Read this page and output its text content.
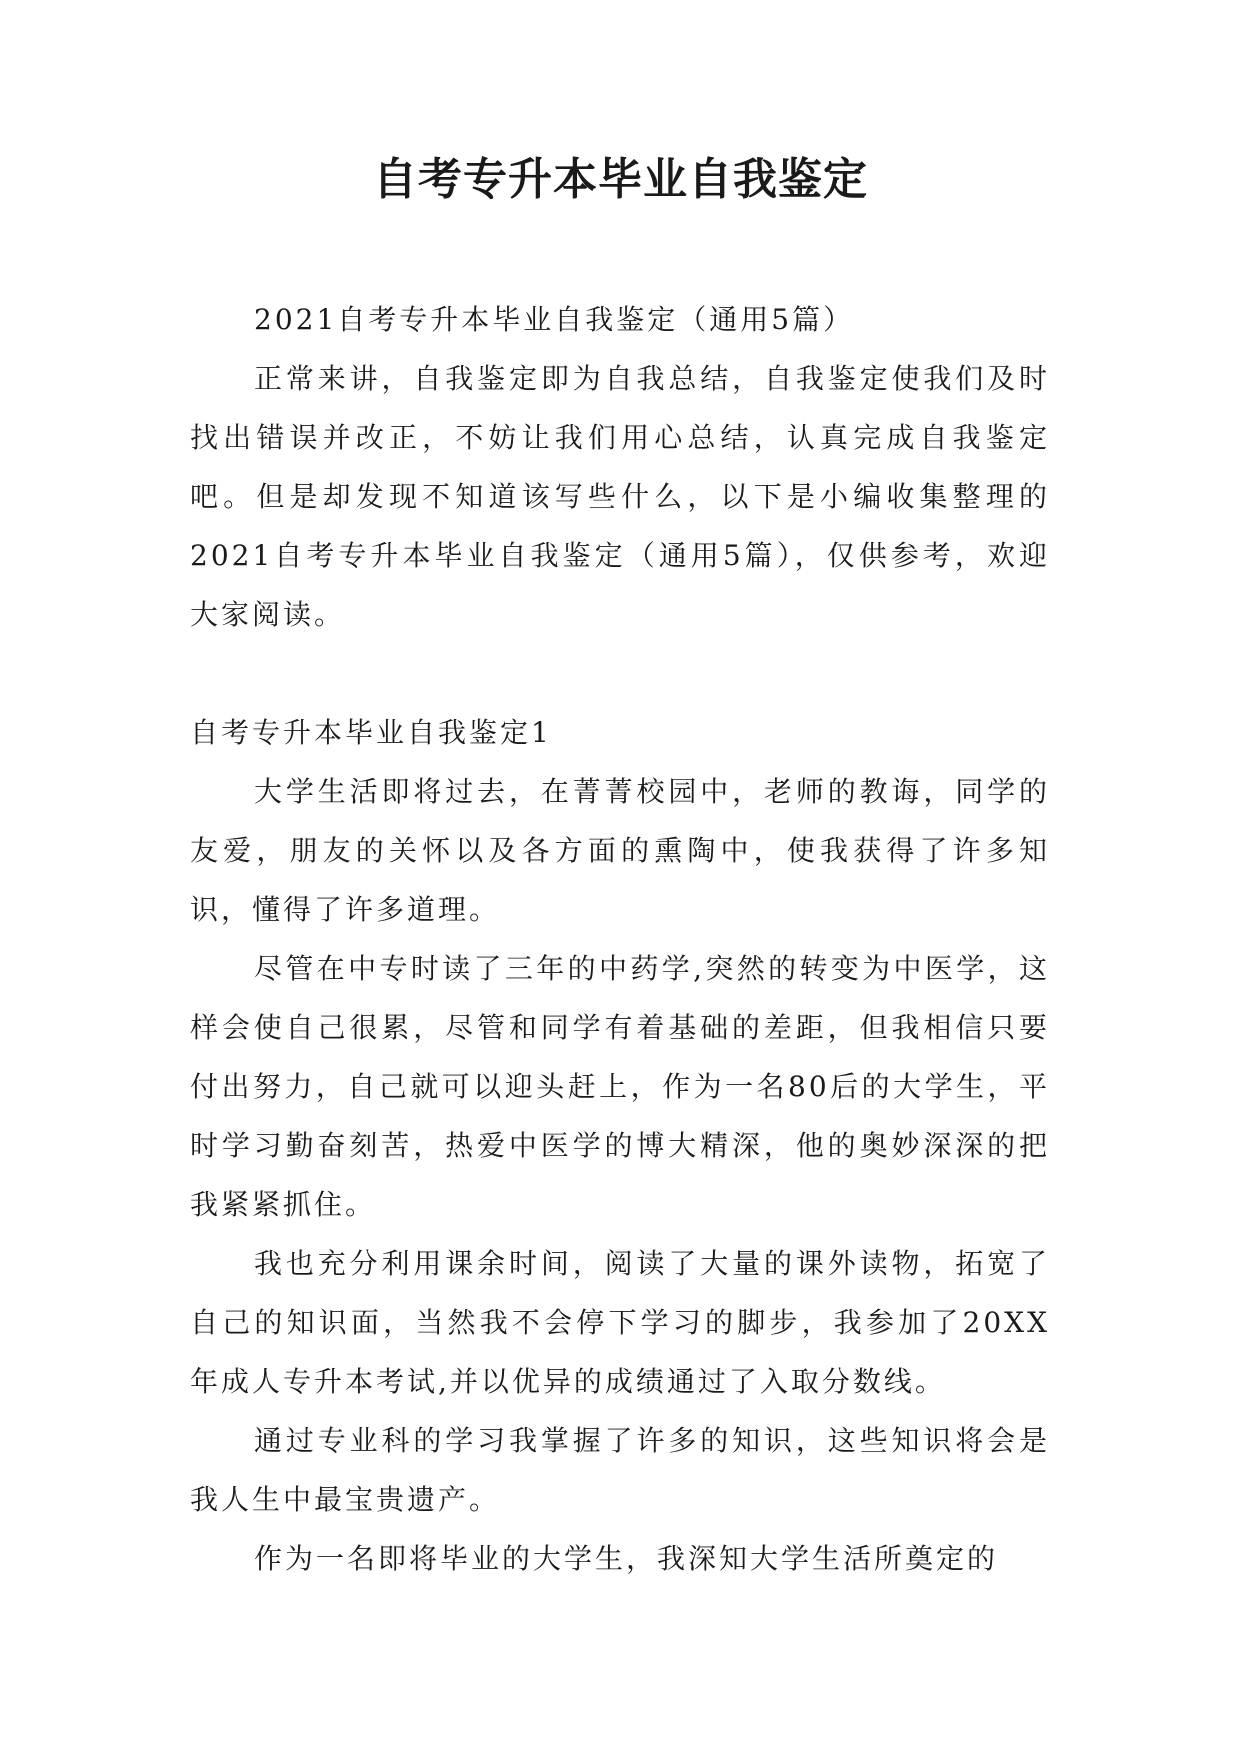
自考专升本毕业自我鉴定

2021自考专升本毕业自我鉴定（通用5篇）

正常来讲，自我鉴定即为自我总结，自我鉴定使我们及时找出错误并改正，不妨让我们用心总结，认真完成自我鉴定吧。但是却发现不知道该写些什么，以下是小编收集整理的2021自考专升本毕业自我鉴定（通用5篇），仅供参考，欢迎大家阅读。

自考专升本毕业自我鉴定1

大学生活即将过去，在菁菁校园中，老师的教诲，同学的友爱，朋友的关怀以及各方面的熏陶中，使我获得了许多知识，懂得了许多道理。

尽管在中专时读了三年的中药学,突然的转变为中医学，这样会使自己很累，尽管和同学有着基础的差距，但我相信只要付出努力，自己就可以迎头赶上，作为一名80后的大学生，平时学习勤奋刻苦，热爱中医学的博大精深，他的奥妙深深的把我紧紧抓住。

我也充分利用课余时间，阅读了大量的课外读物，拓宽了自己的知识面，当然我不会停下学习的脚步，我参加了20XX年成人专升本考试,并以优异的成绩通过了入取分数线。

通过专业科的学习我掌握了许多的知识，这些知识将会是我人生中最宝贵遗产。

作为一名即将毕业的大学生，我深知大学生活所奠定的
